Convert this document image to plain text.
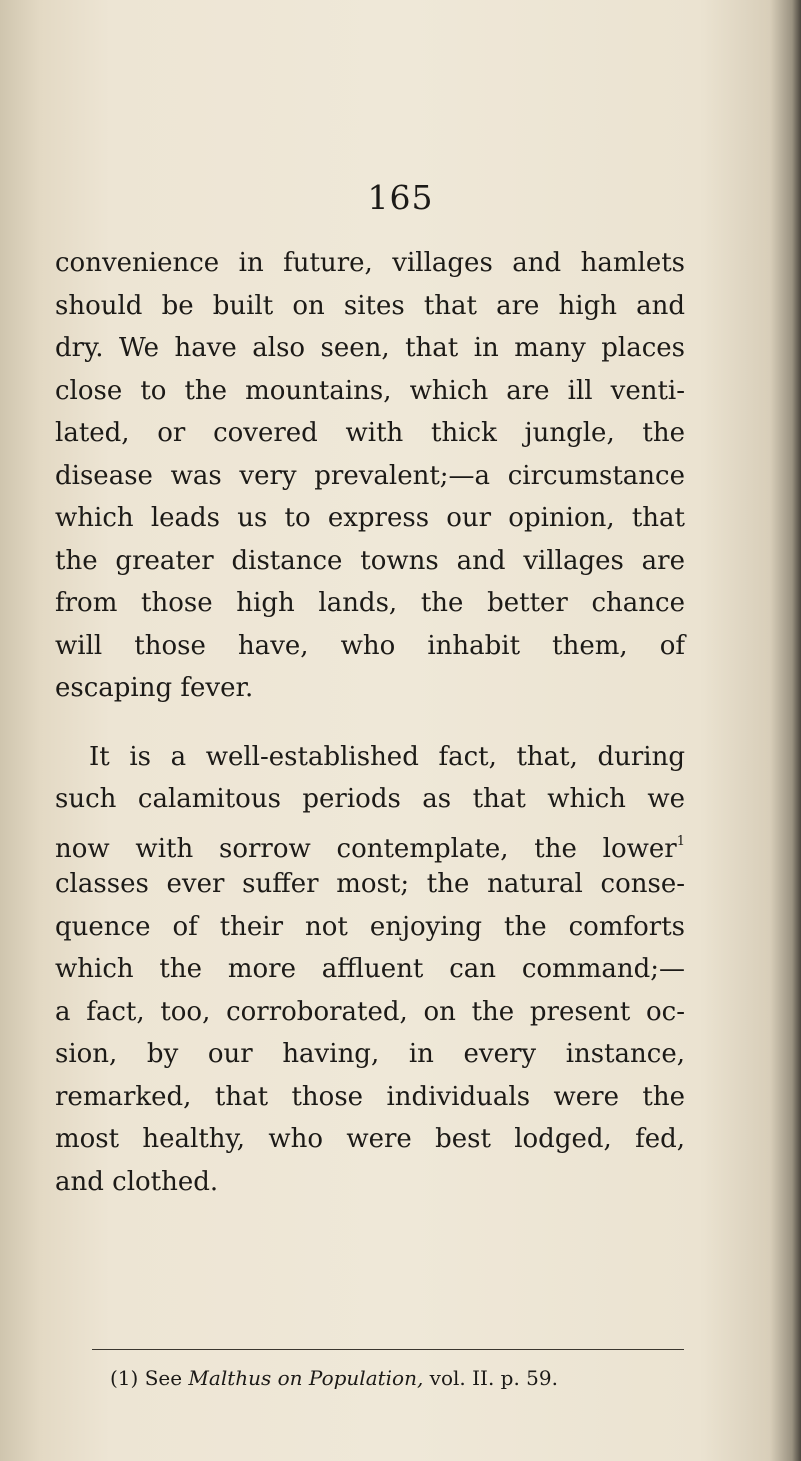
165
convenience in future, villages and hamlets
should be built on sites that are high and
dry. We have also seen, that in many places
close to the mountains, which are ill venti-
lated, or covered with thick jungle, the
disease was very prevalent;—a circumstance
which leads us to express our opinion, that
the greater distance towns and villages are
from those high lands, the better chance
will those have, who inhabit them, of
escaping fever.
It is a well-established fact, that, during
such calamitous periods as that which we
now with sorrow contemplate, the lower$^1$
classes ever suffer most; the natural conse-
quence of their not enjoying the comforts
which the more affluent can command;—
a fact, too, corroborated, on the present oc-
sion, by our having, in every instance,
remarked, that those individuals were the
most healthy, who were best lodged, fed,
and clothed.
(1) See Malthus on Population, vol. II. p. 59.
